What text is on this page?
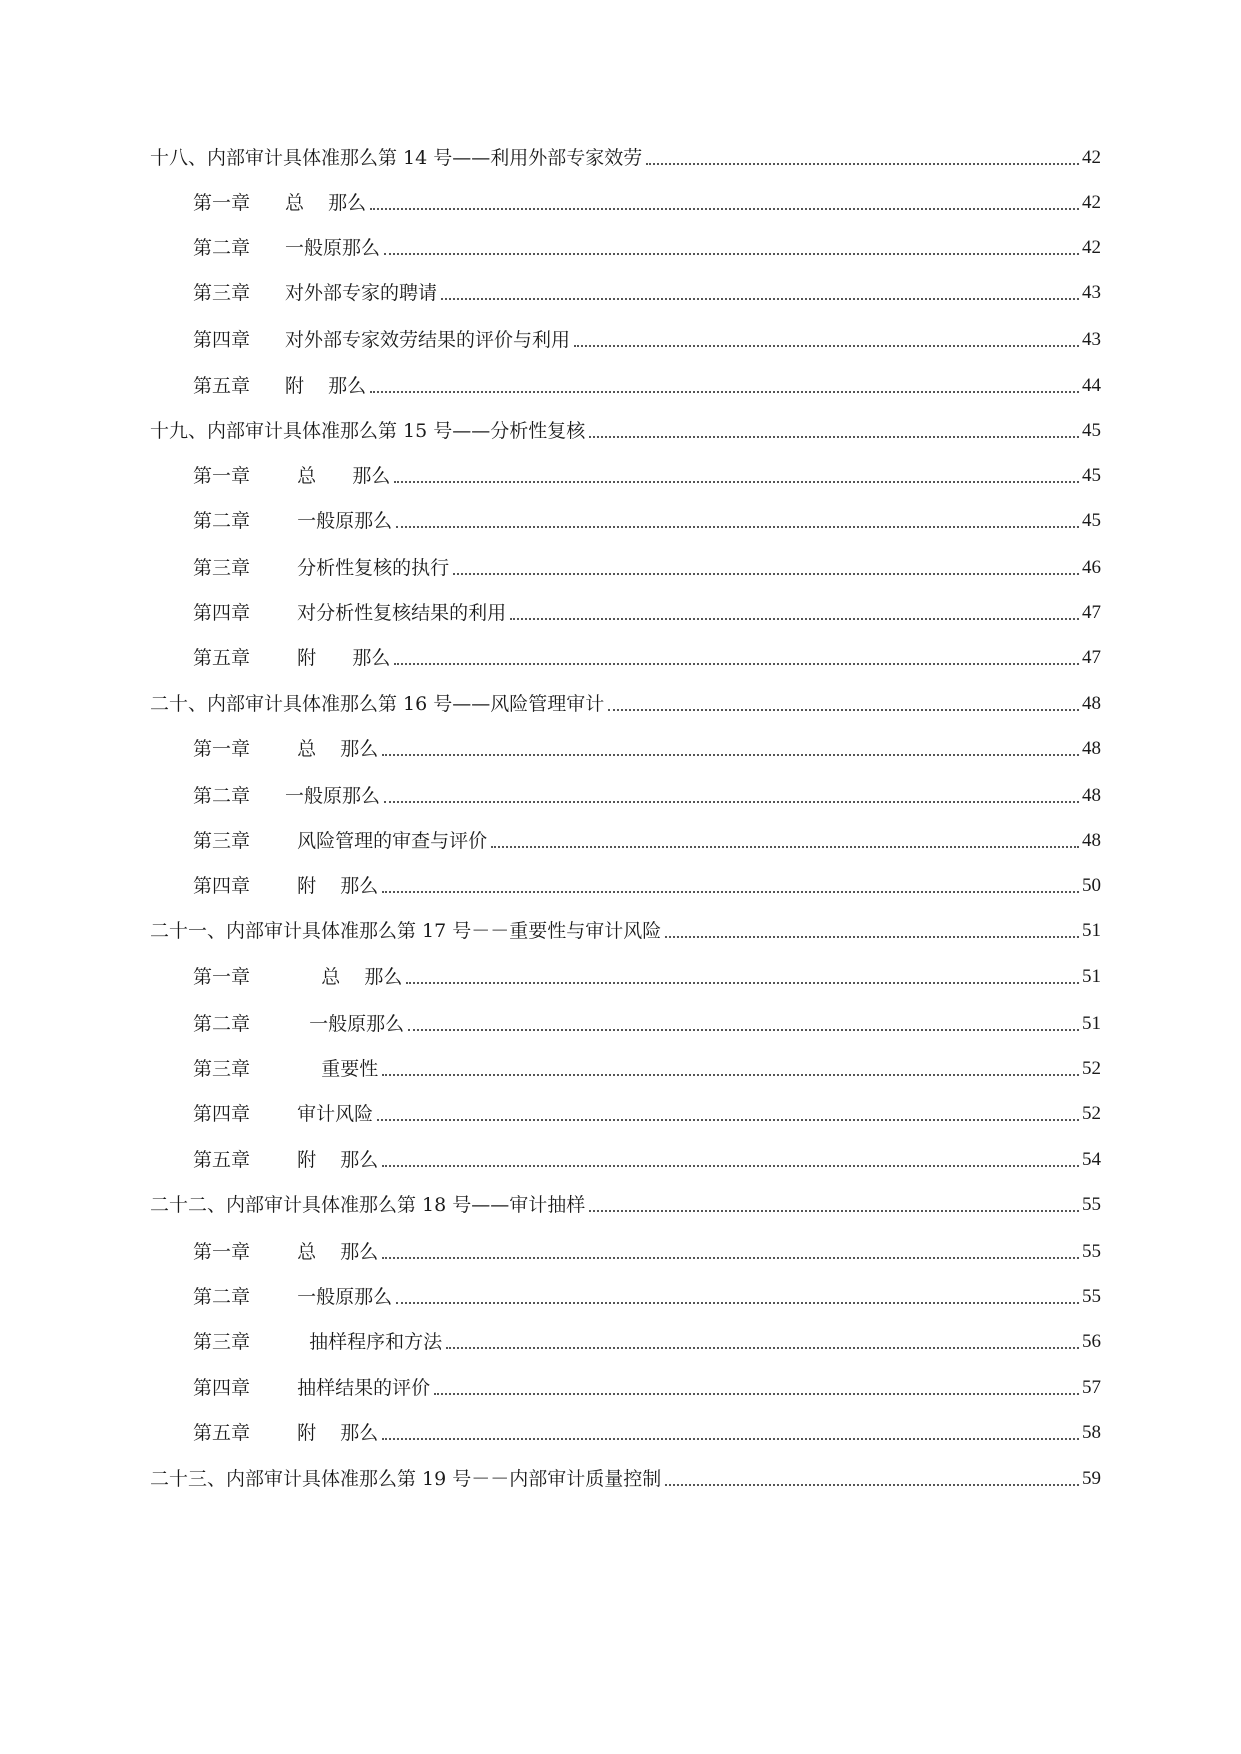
十八、内部审计具体准那么第 14 号——利用外部专家效劳	42
第一章	总    那么	42
第二章	一般原那么	42
第三章	对外部专家的聘请	43
第四章	对外部专家效劳结果的评价与利用	43
第五章	附    那么	44
十九、内部审计具体准那么第 15 号——分析性复核	45
第一章	总      那么	45
第二章	一般原那么	45
第三章	分析性复核的执行	46
第四章	对分析性复核结果的利用	47
第五章	附      那么	47
二十、内部审计具体准那么第 16 号——风险管理审计	48
第一章	总    那么	48
第二章	一般原那么	48
第三章	风险管理的审查与评价	48
第四章	附    那么	50
二十一、内部审计具体准那么第 17 号－－重要性与审计风险	51
第一章	总    那么	51
第二章	一般原那么	51
第三章	重要性	52
第四章	审计风险	52
第五章	附    那么	54
二十二、内部审计具体准那么第 18 号——审计抽样	55
第一章	总    那么	55
第二章	一般原那么	55
第三章	抽样程序和方法	56
第四章	抽样结果的评价	57
第五章	附    那么	58
二十三、内部审计具体准那么第 19 号－－内部审计质量控制	59
